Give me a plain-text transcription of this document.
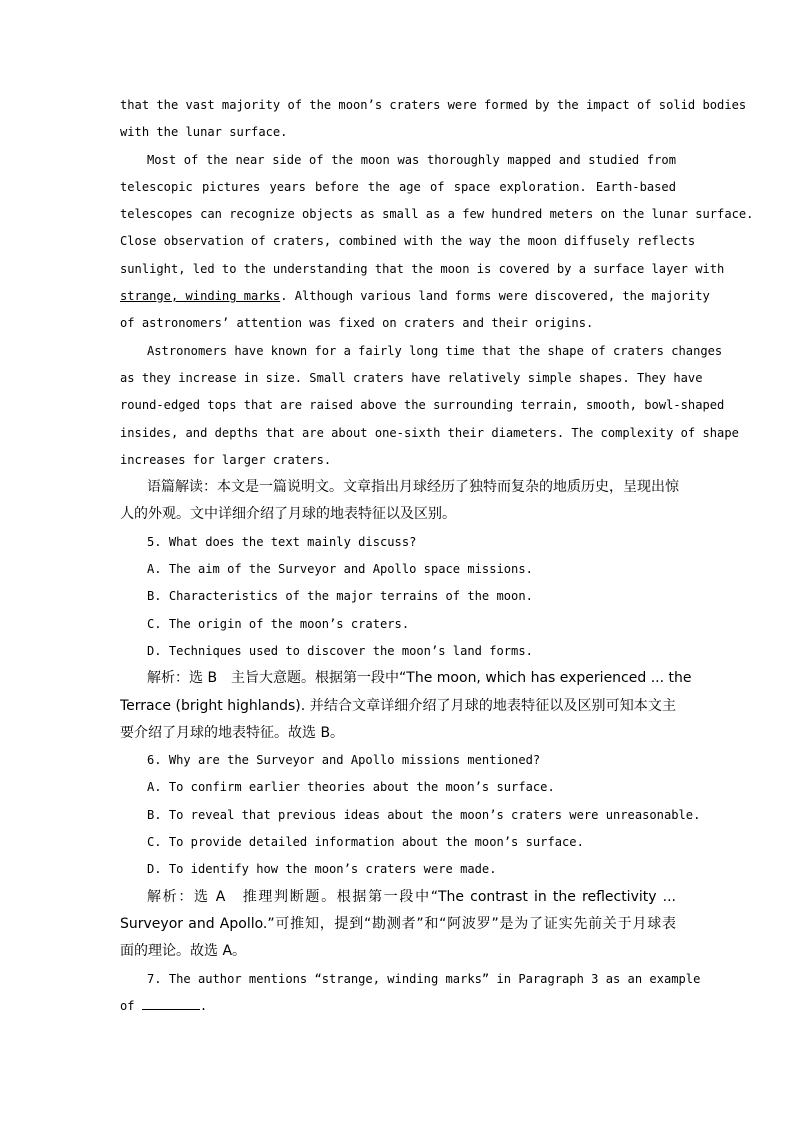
that the vast majority of the moon’s craters were formed by the impact of solid bodies
with the lunar surface.
Most of the near side of the moon was thoroughly mapped and studied from
telescopic pictures years before the age of space exploration. Earth-based
telescopes can recognize objects as small as a few hundred meters on the lunar surface.
Close observation of craters, combined with the way the moon diffusely reflects
sunlight, led to the understanding that the moon is covered by a surface layer with
strange, winding marks. Although various land forms were discovered, the majority
of astronomers’ attention was fixed on craters and their origins.
Astronomers have known for a fairly long time that the shape of craters changes
as they increase in size. Small craters have relatively simple shapes. They have
round-edged tops that are raised above the surrounding terrain, smooth, bowl-shaped
insides, and depths that are about one-sixth their diameters. The complexity of shape
increases for larger craters.
语篇解读：本文是一篇说明文。文章指出月球经历了独特而复杂的地质历史，呈现出惊
人的外观。文中详细介绍了月球的地表特征以及区别。
5. What does the text mainly discuss?
A. The aim of the Surveyor and Apollo space missions.
B. Characteristics of the major terrains of the moon.
C. The origin of the moon’s craters.
D. Techniques used to discover the moon’s land forms.
解析：选 B　主旨大意题。根据第一段中“The moon, which has experienced ... the
Terrace (bright highlands). 并结合文章详细介绍了月球的地表特征以及区别可知本文主
要介绍了月球的地表特征。故选 B。
6. Why are the Surveyor and Apollo missions mentioned?
A. To confirm earlier theories about the moon’s surface.
B. To reveal that previous ideas about the moon’s craters were unreasonable.
C. To provide detailed information about the moon’s surface.
D. To identify how the moon’s craters were made.
解析：选 A　推理判断题。根据第一段中“The contrast in the reflectivity ...
Surveyor and Apollo.”可推知，提到“勘测者”和“阿波罗”是为了证实先前关于月球表
面的理论。故选 A。
7. The author mentions “strange, winding marks” in Paragraph 3 as an example
of	.
